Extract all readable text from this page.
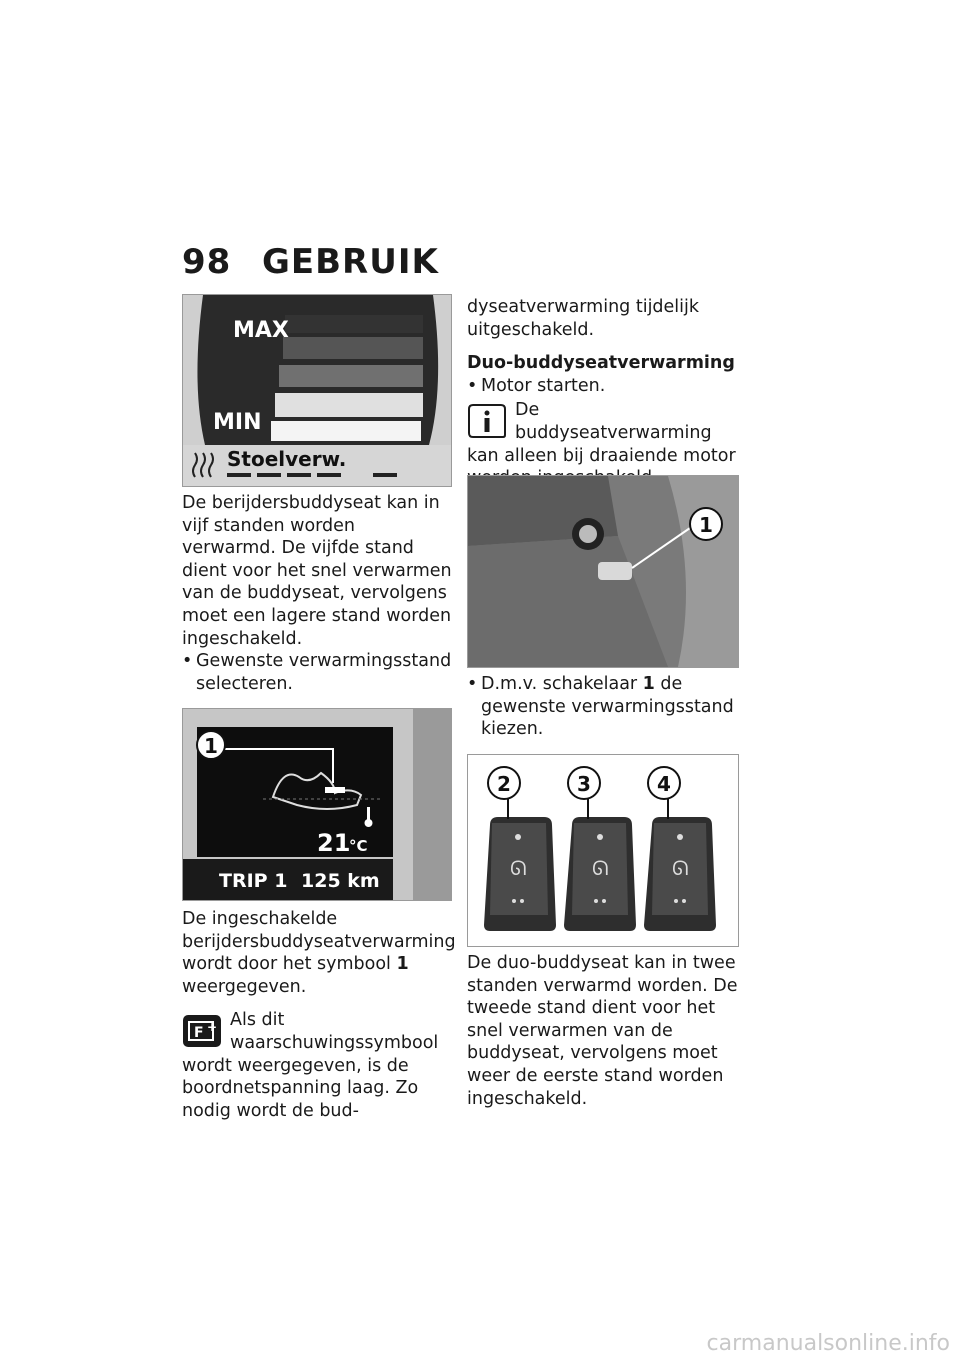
98 GEBRUIK
MAX
MIN
Stoelverw.

De berijdersbuddyseat kan in vijf standen worden verwarmd. De vijfde stand dient voor het snel verwarmen van de buddyseat, vervolgens moet een lagere stand worden ingeschakeld.

• Gewenste verwarmingsstand selecteren.
21
°C
TRIP 1 125 km
1

De ingeschakelde berijdersbuddyseatverwarming wordt door het symbool 1 weergegeven.

F + Als dit waarschuwingssymbool wordt weergegeven, is de boordnetspanning laag. Zo nodig wordt de bud-

dyseatverwarming tijdelijk uitgeschakeld.

Duo-buddyseatverwarming

• Motor starten.

De buddyseatverwarming kan alleen bij draaiende motor

1
• D.m.v. schakelaar 1 de gewenste verwarmingsstand kiezen.
ᘏ
2
ᘏ
3
ᘏ
4

De duo-buddyseat kan in twee standen verwarmd worden. De tweede stand dient voor het snel verwarmen van de buddyseat, vervolgens moet weer de eerste stand worden ingeschakeld.

carmanualsonline.info
